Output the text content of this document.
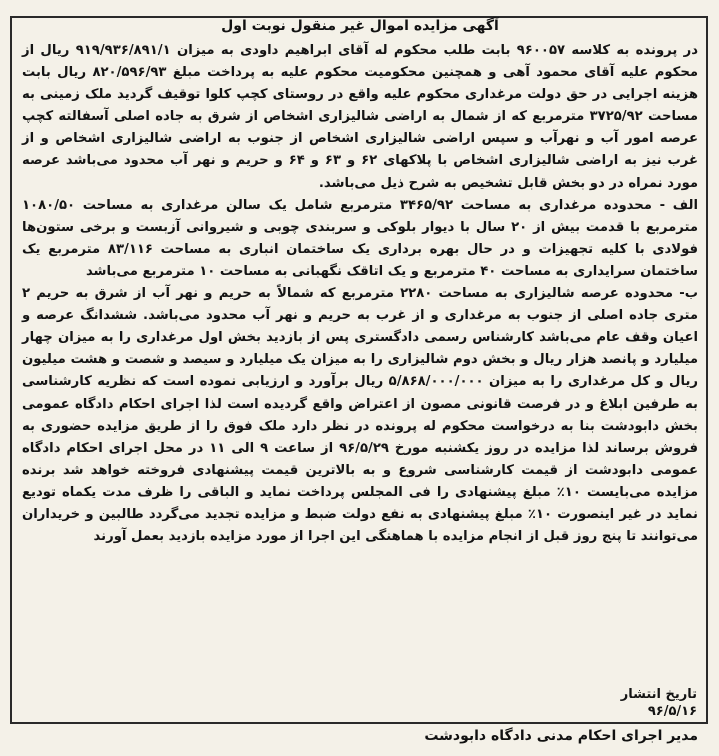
آگهی مزایده اموال غیر منقول نوبت اول

در پرونده به کلاسه ۹۶۰۰۵۷ بابت طلب محکوم له آقای ابراهیم داودی به میزان ۹۱۹/۹۳۶/۸۹۱/۱ ریال از محکوم علیه آقای محمود آهی و همچنین محکومیت محکوم علیه به پرداخت مبلغ ۸۲۰/۵۹۶/۹۳ ریال بابت هزینه اجرایی در حق دولت مرغداری محکوم علیه واقع در روستای کچپ کلوا توقیف گردید ملک زمینی به مساحت ۳۷۲۵/۹۲ مترمربع که از شمال به اراضی شالیزاری اشخاص از شرق به جاده اصلی آسفالته کچپ عرصه امور آب و نهرآب و سپس اراضی شالیزاری اشخاص از جنوب به اراضی شالیزاری اشخاص و از غرب نیز به اراضی شالیزاری اشخاص با پلاکهای ۶۲ و ۶۳ و ۶۴ و حریم و نهر آب محدود می‌باشد عرصه مورد نمراه در دو بخش قابل تشخیص به شرح ذیل می‌باشد.

الف - محدوده مرغداری به مساحت ۳۴۶۵/۹۲ مترمربع شامل یک سالن مرغداری به مساحت ۱۰۸۰/۵۰ مترمربع با قدمت بیش از ۲۰ سال با دیوار بلوکی و سربندی چوبی و شیروانی آزبست و برخی ستون‌ها فولادی با کلیه تجهیزات و در حال بهره برداری یک ساختمان انباری به مساحت ۸۳/۱۱۶ مترمربع یک ساختمان سرایداری به مساحت ۴۰ مترمربع و یک اتاقک نگهبانی به مساحت ۱۰ مترمربع می‌باشد

ب- محدوده عرصه شالیزاری به مساحت ۲۲۸۰ مترمربع که شمالاً به حریم و نهر آب از شرق به حریم ۲ متری جاده اصلی از جنوب به مرغداری و از غرب به حریم و نهر آب محدود می‌باشد. ششدانگ عرصه و اعیان وقف عام می‌باشد کارشناس رسمی دادگستری پس از بازدید بخش اول مرغداری را به میزان چهار میلیارد و پانصد هزار ریال و بخش دوم شالیزاری را به میزان یک میلیارد و سیصد و شصت و هشت میلیون ریال و کل مرغداری را به میزان ۵/۸۶۸/۰۰۰/۰۰۰ ریال برآورد و ارزیابی نموده است که نظریه کارشناسی به طرفین ابلاغ و در فرصت قانونی مصون از اعتراض واقع گردیده است لذا اجرای احکام دادگاه عمومی بخش دابودشت بنا به درخواست محکوم له پرونده در نظر دارد ملک فوق را از طریق مزایده حضوری به فروش برساند لذا مزایده در روز یکشنبه مورخ ۹۶/۵/۲۹ از ساعت ۹ الی ۱۱ در محل اجرای احکام دادگاه عمومی دابودشت از قیمت کارشناسی شروع و به بالاترین قیمت پیشنهادی فروخته خواهد شد برنده مزایده می‌بایست ۱۰٪ مبلغ پیشنهادی را فی المجلس پرداخت نماید و الباقی را ظرف مدت یکماه تودیع نماید در غیر اینصورت ۱۰٪ مبلغ پیشنهادی به نفع دولت ضبط و مزایده تجدید می‌گردد طالبین و خریداران می‌توانند تا پنج روز قبل از انجام مزایده با هماهنگی این اجرا از مورد مزایده بازدید بعمل آورند

تاریخ انتشار
۹۶/۵/۱۶
مدیر اجرای احکام مدنی دادگاه دابودشت
